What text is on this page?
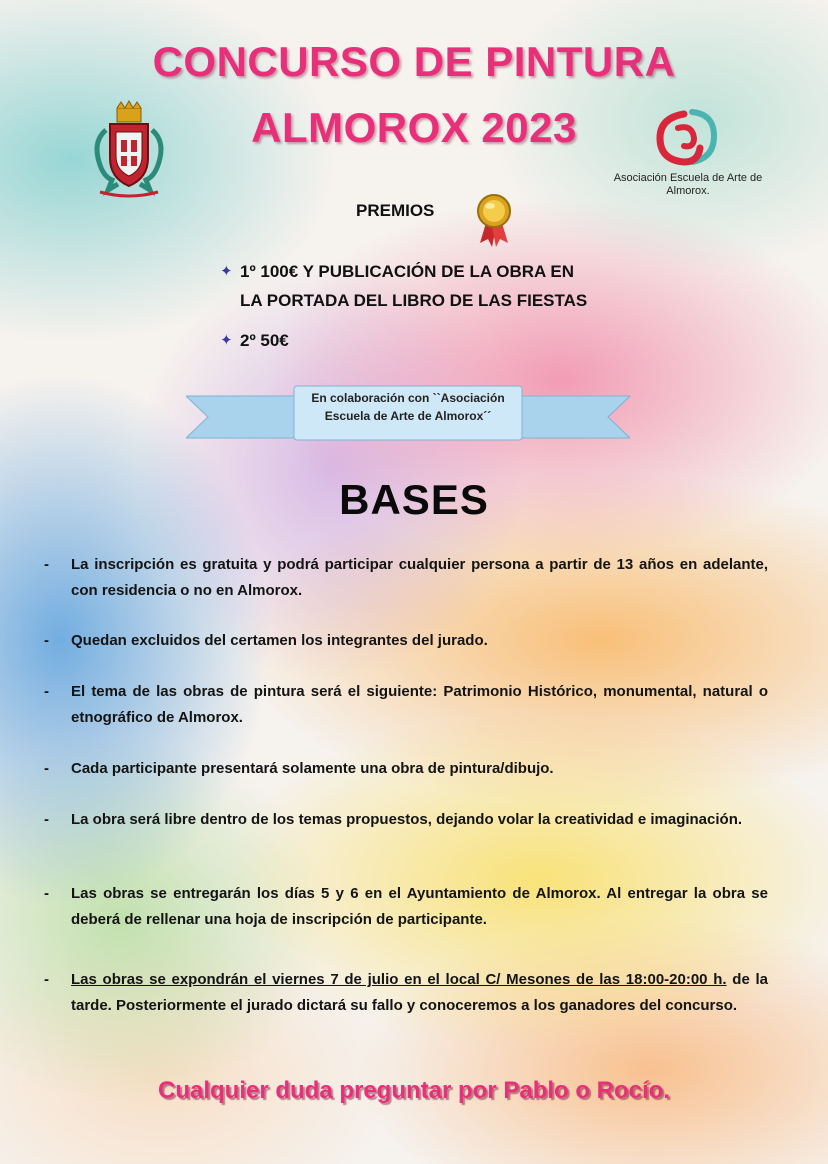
CONCURSO DE PINTURA
ALMOROX 2023
Asociación Escuela de Arte de Almorox.
PREMIOS
✦ 1º 100€ Y PUBLICACIÓN DE LA OBRA EN
LA PORTADA DEL LIBRO DE LAS FIESTAS
✦ 2º 50€
En colaboración con ``Asociación
Escuela de Arte de Almorox´´
BASES
- La inscripción es gratuita y podrá participar cualquier persona a partir de 13 años en adelante, con residencia o no en Almorox.
- Quedan excluidos del certamen los integrantes del jurado.
- El tema de las obras de pintura será el siguiente: Patrimonio Histórico, monumental, natural o etnográfico de Almorox.
- Cada participante presentará solamente una obra de pintura/dibujo.
- La obra será libre dentro de los temas propuestos, dejando volar la creatividad e imaginación.
- Las obras se entregarán los días 5 y 6 en el Ayuntamiento de Almorox. Al entregar la obra se deberá de rellenar una hoja de inscripción de participante.
- Las obras se expondrán el viernes 7 de julio en el local C/ Mesones de las 18:00-20:00 h. de la tarde. Posteriormente el jurado dictará su fallo y conoceremos a los ganadores del concurso.
Cualquier duda preguntar por Pablo o Rocío.
